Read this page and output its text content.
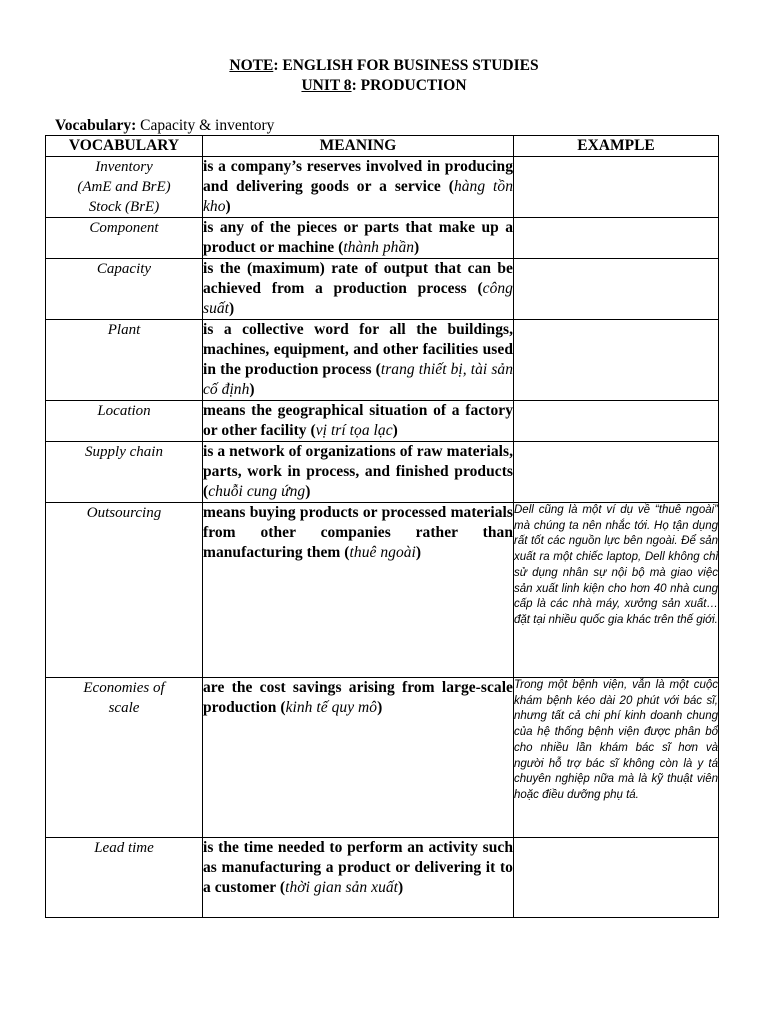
NOTE: ENGLISH FOR BUSINESS STUDIES
UNIT 8: PRODUCTION
Vocabulary: Capacity & inventory
VOCABULARY	MEANING	EXAMPLE

Inventory
(AmE and BrE)
Stock (BrE)	is a company’s reserves involved in producing and delivering goods or a service (hàng tồn kho)	

Component	is any of the pieces or parts that make up a product or machine (thành phần)	

Capacity	is the (maximum) rate of output that can be achieved from a production process (công suất)	

Plant	is a collective word for all the buildings, machines, equipment, and other facilities used in the production process (trang thiết bị, tài sản cố định)	

Location	means the geographical situation of a factory or other facility (vị trí tọa lạc)	

Supply chain	is a network of organizations of raw materials, parts, work in process, and finished products (chuỗi cung ứng)	

Outsourcing	means buying products or processed materials from other companies rather than manufacturing them (thuê ngoài)	Dell cũng là một ví dụ về “thuê ngoài” mà chúng ta nên nhắc tới. Họ tận dụng rất tốt các nguồn lực bên ngoài. Để sản xuất ra một chiếc laptop, Dell không chỉ sử dụng nhân sự nội bộ mà giao việc sản xuất linh kiện cho hơn 40 nhà cung cấp là các nhà máy, xưởng sản xuất… đặt tại nhiều quốc gia khác trên thế giới.

Economies of
scale	are the cost savings arising from large-scale production (kinh tế quy mô)	Trong một bệnh viện, vẫn là một cuộc khám bệnh kéo dài 20 phút với bác sĩ, nhưng tất cả chi phí kinh doanh chung của hệ thống bệnh viện được phân bổ cho nhiều lần khám bác sĩ hơn và người hỗ trợ bác sĩ không còn là y tá chuyên nghiệp nữa mà là kỹ thuật viên hoặc điều dưỡng phụ tá.

Lead time	is the time needed to perform an activity such as manufacturing a product or delivering it to a customer (thời gian sản xuất)	
